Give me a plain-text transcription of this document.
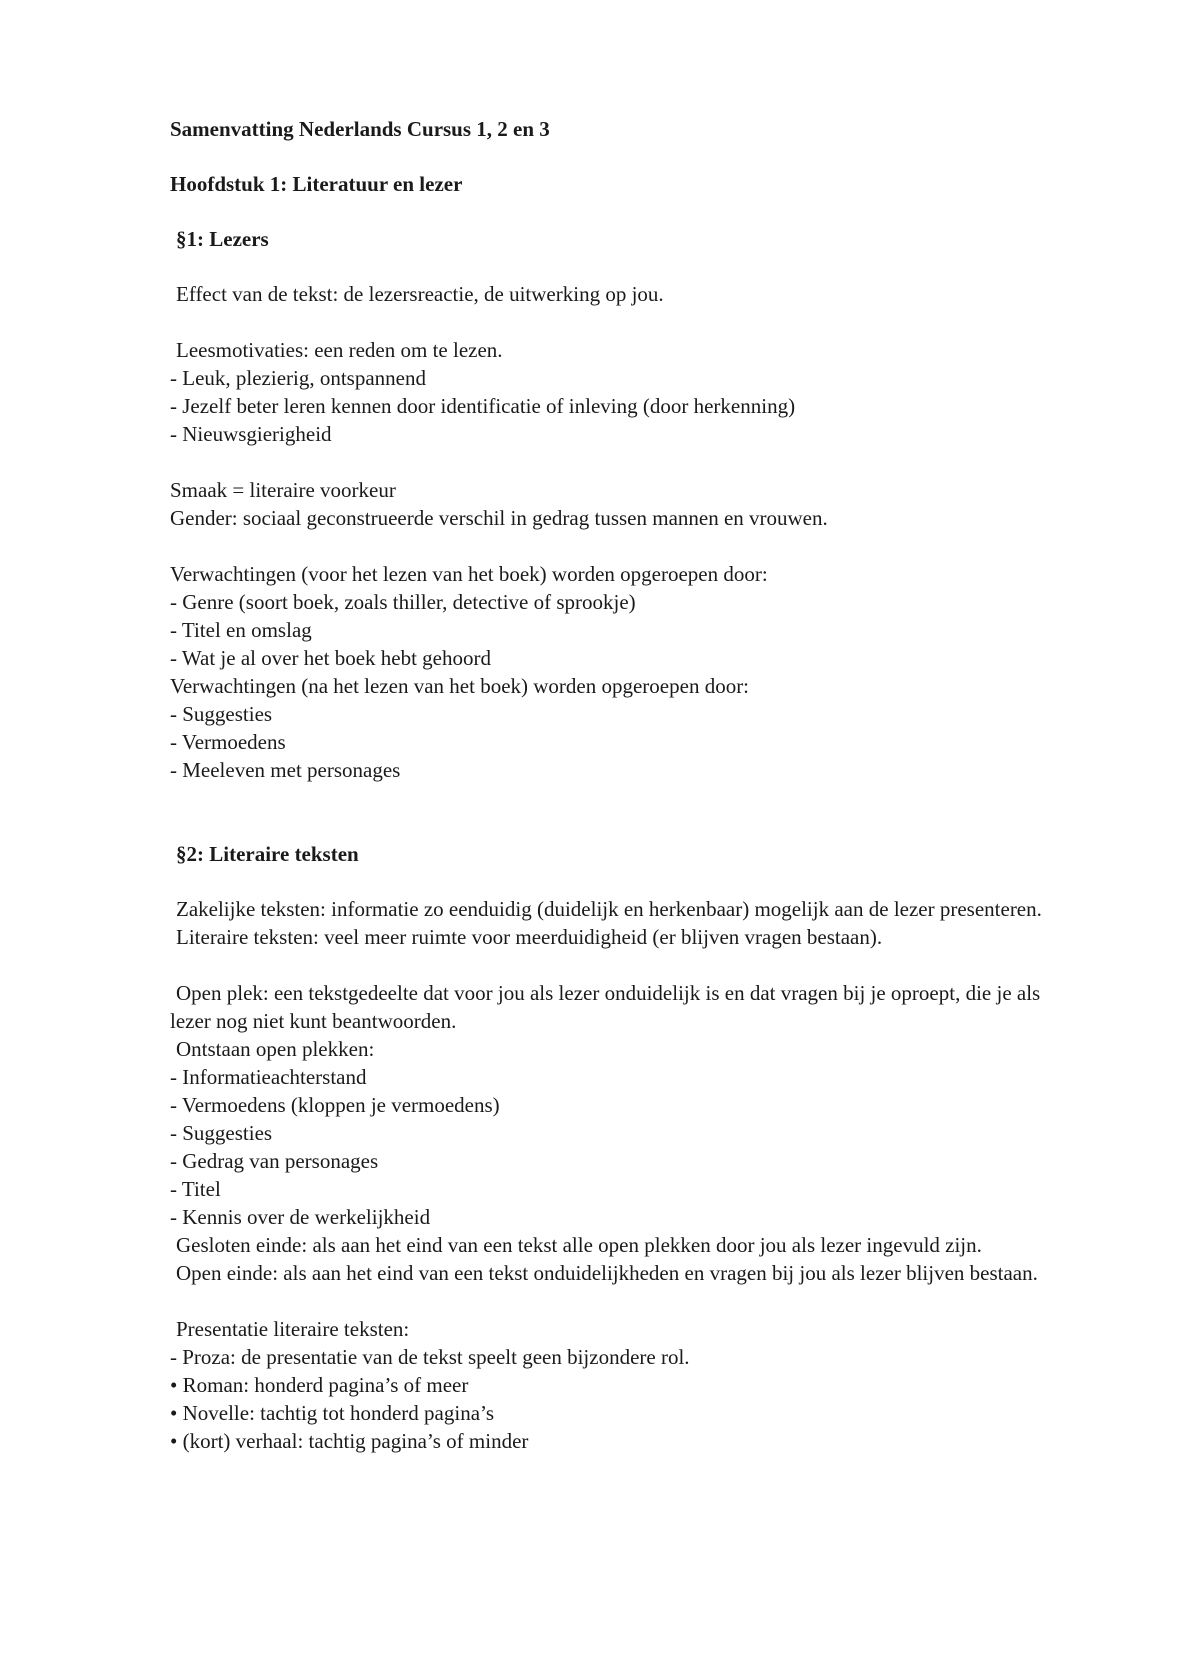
Samenvatting Nederlands Cursus 1, 2 en 3
Hoofdstuk 1: Literatuur en lezer
§1: Lezers
Effect van de tekst: de lezersreactie, de uitwerking op jou.
Leesmotivaties: een reden om te lezen.
- Leuk, plezierig, ontspannend
- Jezelf beter leren kennen door identificatie of inleving (door herkenning)
- Nieuwsgierigheid
Smaak = literaire voorkeur
Gender: sociaal geconstrueerde verschil in gedrag tussen mannen en vrouwen.
Verwachtingen (voor het lezen van het boek) worden opgeroepen door:
- Genre (soort boek, zoals thiller, detective of sprookje)
- Titel en omslag
- Wat je al over het boek hebt gehoord
Verwachtingen (na het lezen van het boek) worden opgeroepen door:
- Suggesties
- Vermoedens
- Meeleven met personages
§2: Literaire teksten
Zakelijke teksten: informatie zo eenduidig (duidelijk en herkenbaar) mogelijk aan de lezer presenteren.
Literaire teksten: veel meer ruimte voor meerduidigheid (er blijven vragen bestaan).
Open plek: een tekstgedeelte dat voor jou als lezer onduidelijk is en dat vragen bij je oproept, die je als lezer nog niet kunt beantwoorden.
Ontstaan open plekken:
- Informatieachterstand
- Vermoedens (kloppen je vermoedens)
- Suggesties
- Gedrag van personages
- Titel
- Kennis over de werkelijkheid
Gesloten einde: als aan het eind van een tekst alle open plekken door jou als lezer ingevuld zijn.
Open einde: als aan het eind van een tekst onduidelijkheden en vragen bij jou als lezer blijven bestaan.
Presentatie literaire teksten:
- Proza: de presentatie van de tekst speelt geen bijzondere rol.
• Roman: honderd pagina’s of meer
• Novelle: tachtig tot honderd pagina’s
• (kort) verhaal: tachtig pagina’s of minder
